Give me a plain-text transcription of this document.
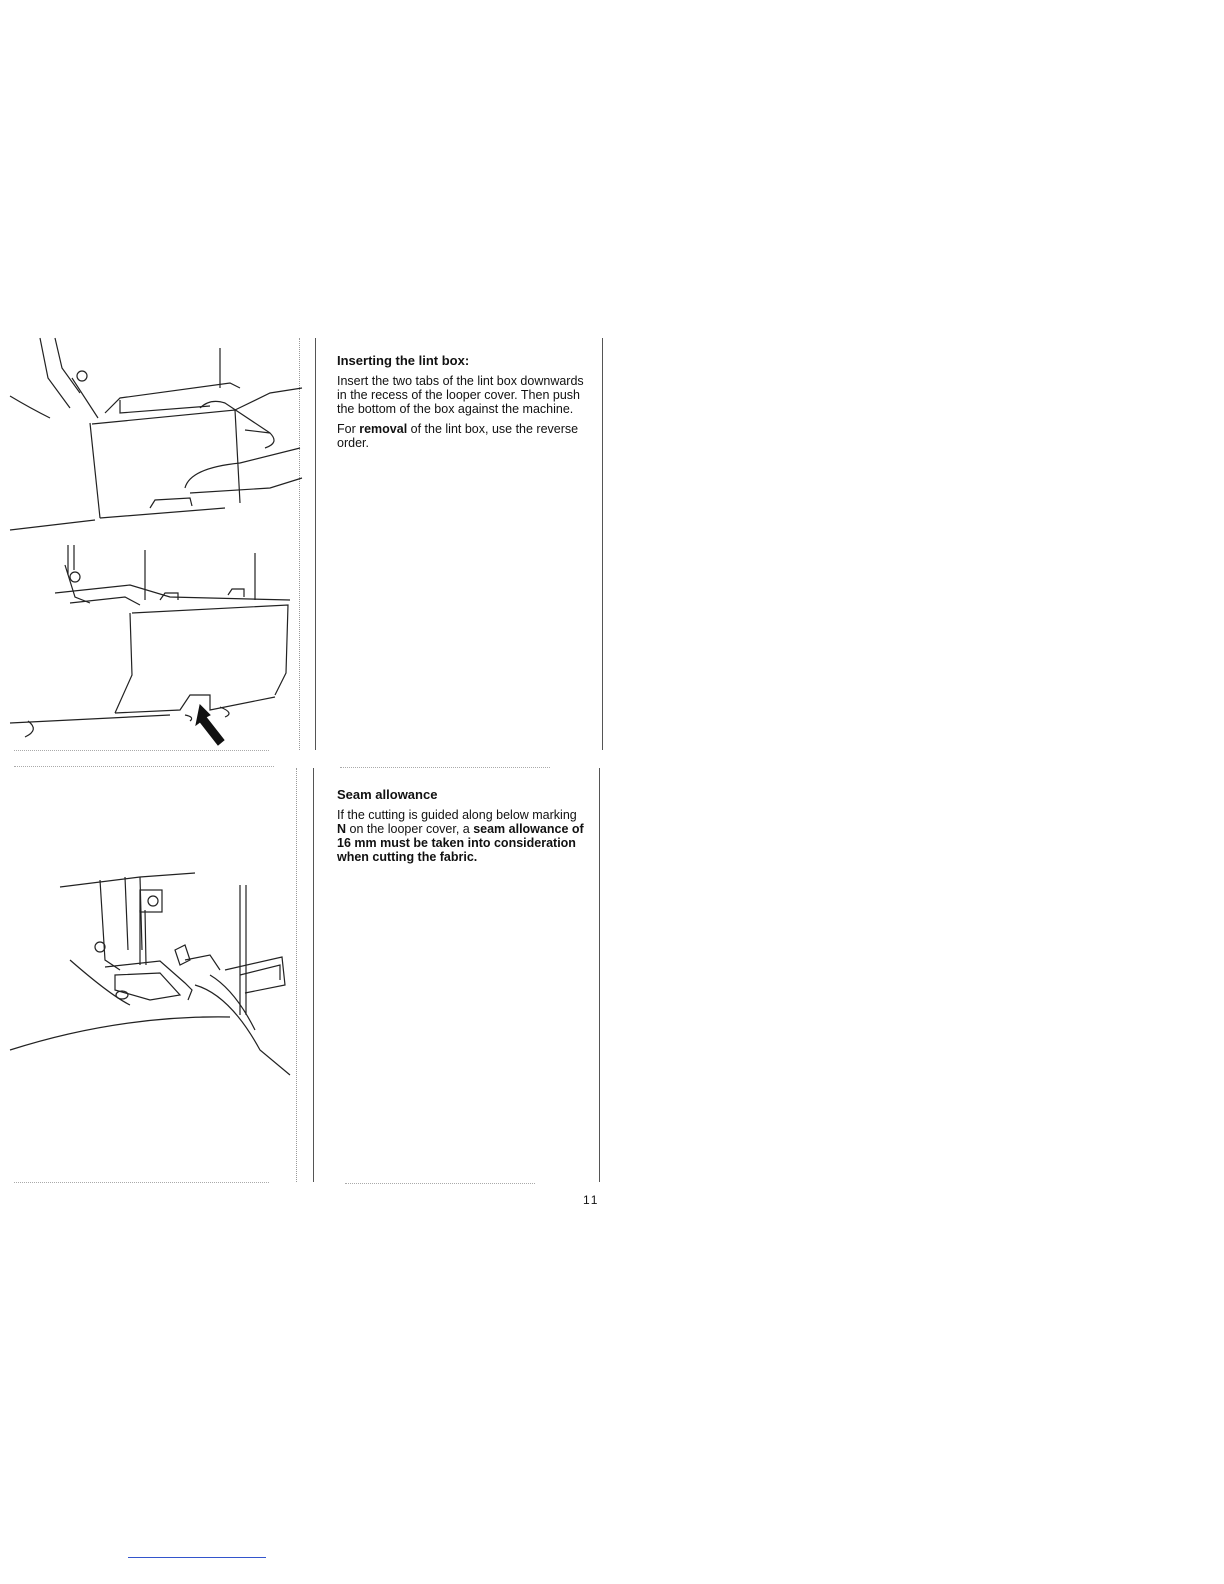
Inserting the lint box:

Insert the two tabs of the lint box downwards in the recess of the looper cover. Then push the bottom of the box against the machine.

For removal of the lint box, use the reverse order.

Seam allowance

If the cutting is guided along below marking N on the looper cover, a seam allowance of 16 mm must be taken into consideration when cutting the fabric.

11
